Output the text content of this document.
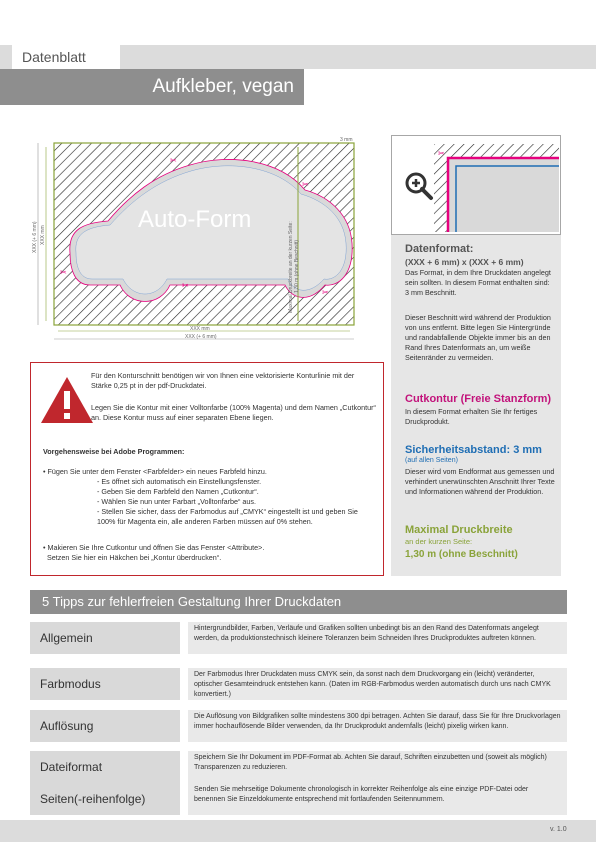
Datenblatt
Aufkleber, vegan
Auto-Form
✂
✂
✂
✂
✂
Maximal Druckbreite an der kurzen Seite: 1,30 m (ohne Beschnitt)
XXX mm
XXX (+ 6 mm)
XXX mm
XXX (+ 6 mm)
3 mm
Für den Konturschnitt benötigen wir von Ihnen eine vektorisierte Konturlinie mit der Stärke 0,25 pt in der pdf-Druckdatei.
Legen Sie die Kontur mit einer Volltonfarbe (100% Magenta) und dem Namen „Cutkontur“ an. Diese Kontur muss auf einer separaten Ebene liegen.
Vorgehensweise bei Adobe Programmen:
• Fügen Sie unter dem Fenster <Farbfelder> ein neues Farbfeld hinzu.
- Es öffnet sich automatisch ein Einstellungsfenster.
- Geben Sie dem Farbfeld den Namen „Cutkontur“.
- Wählen Sie nun unter Farbart „Volltonfarbe“ aus.
- Stellen Sie sicher, dass der Farbmodus auf „CMYK“ eingestellt ist und geben Sie
100% für Magenta ein, alle anderen Farben müssen auf 0% stehen.
• Makieren Sie Ihre Cutkontur und öffnen Sie das Fenster <Attribute>.
Setzen Sie hier ein Häkchen bei „Kontur überdrucken“.
✂
Datenformat:
(XXX + 6 mm) x (XXX + 6 mm)
Das Format, in dem Ihre Druckdaten angelegt sein sollten. In diesem Format enthalten sind: 3 mm Beschnitt.
Dieser Beschnitt wird während der Produktion von uns entfernt. Bitte legen Sie Hintergründe und randabfallende Objekte immer bis an den Rand Ihres Datenformats an, um weiße Seitenränder zu vermeiden.
Cutkontur (Freie Stanzform)
In diesem Format erhalten Sie Ihr fertiges Druckprodukt.
Sicherheitsabstand: 3 mm
(auf allen Seiten)
Dieser wird vom Endformat aus gemessen und verhindert unerwünschten Anschnitt Ihrer Texte und Informationen während der Produktion.
Maximal Druckbreite
an der kurzen Seite:
1,30 m (ohne Beschnitt)
5 Tipps zur fehlerfreien Gestaltung Ihrer Druckdaten
Allgemein
Hintergrundbilder, Farben, Verläufe und Grafiken sollten unbedingt bis an den Rand des Datenformats angelegt werden, da produktionstechnisch kleinere Toleranzen beim Schneiden Ihres Druckproduktes auftreten können.
Farbmodus
Der Farbmodus Ihrer Druckdaten muss CMYK sein, da sonst nach dem Druckvorgang ein (leicht) veränderter, optischer Gesamteindruck entstehen kann. (Daten im RGB-Farbmodus werden automatisch durch uns nach CMYK konvertiert.)
Auflösung
Die Auflösung von Bildgrafiken sollte mindestens 300 dpi betragen. Achten Sie darauf, dass Sie für Ihre Druckvorlagen immer hochauflösende Bilder verwenden, da Ihr Druckprodukt andernfalls (leicht) pixelig wirken kann.
Dateiformat
Speichern Sie Ihr Dokument im PDF-Format ab. Achten Sie darauf, Schriften einzubetten und (soweit als möglich) Transparenzen zu reduzieren.
Seiten(-reihenfolge)
Senden Sie mehrseitige Dokumente chronologisch in korrekter Reihenfolge als eine einzige PDF-Datei oder benennen Sie Einzeldokumente entsprechend mit fortlaufenden Seitennummern.
v. 1.0
